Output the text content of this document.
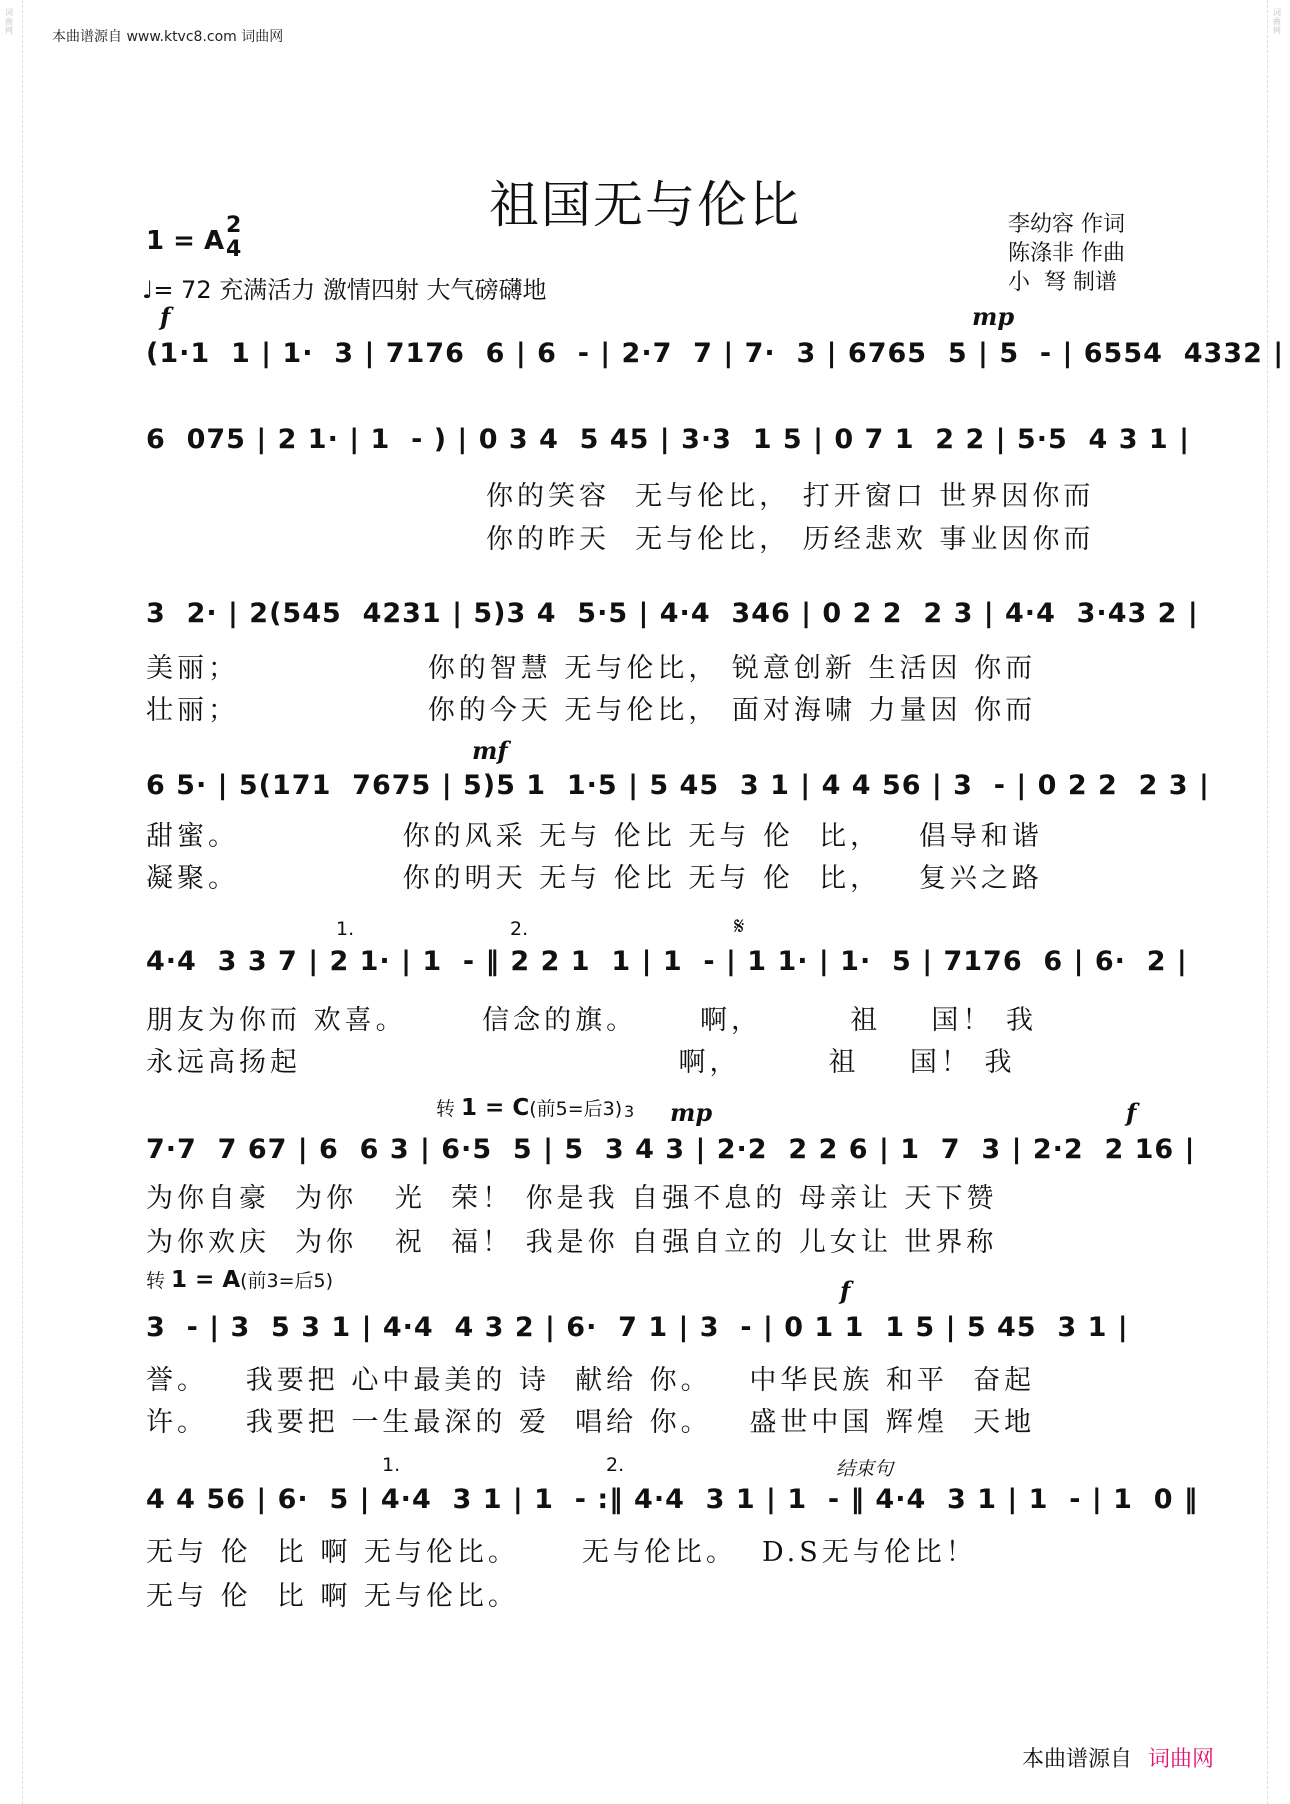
词曲网
词曲网
本曲谱源自 www.ktvc8.com 词曲网
祖国无与伦比	李幼容 作词
陈涤非 作曲
小  弩 制谱
1 = A
2
4
♩= 72 充满活力 激情四射 大气磅礴地
f	mp
(1·1  1 | 1·  3 | 7176  6 | 6  - | 2·7  7 | 7·  3 | 6765  5 | 5  - | 6554  4332 |
6  075 | 2 1· | 1  - ) | 0 3 4  5 45 | 3·3  1 5 | 0 7 1  2 2 | 5·5  4 3 1 |
你的笑容  无与伦比， 打开窗口 世界因你而
你的昨天  无与伦比， 历经悲欢 事业因你而
3  2· | 2(545  4231 | 5)3 4  5·5 | 4·4  346 | 0 2 2  2 3 | 4·4  3·43 2 |
美丽；               你的智慧 无与伦比， 锐意创新 生活因 你而
壮丽；               你的今天 无与伦比， 面对海啸 力量因 你而
mf
6 5· | 5(171  7675 | 5)5 1  1·5 | 5 45  3 1 | 4 4 56 | 3  - | 0 2 2  2 3 |
甜蜜。             你的风采 无与 伦比 无与 伦  比，   倡导和谐
凝聚。             你的明天 无与 伦比 无与 伦  比，   复兴之路
1.	2.	𝄋
4·4  3 3 7 | 2 1· | 1  - ‖ 2 2 1  1 | 1  - | 1 1· | 1·  5 | 7176  6 | 6·  2 |
朋友为你而 欢喜。      信念的旗。     啊，       祖    国！ 我
永远高扬起                              啊，       祖    国！ 我
转 1 = C(前5=后3) 3 mp	f
7·7  7 67 | 6  6 3 | 6·5  5 | 5  3 4 3 | 2·2  2 2 6 | 1  7  3 | 2·2  2 16 |
为你自豪  为你   光  荣！ 你是我 自强不息的 母亲让 天下赞
为你欢庆  为你   祝  福！ 我是你 自强自立的 儿女让 世界称
转 1 = A(前3=后5)	f
3  - | 3  5 3 1 | 4·4  4 3 2 | 6·  7 1 | 3  - | 0 1 1  1 5 | 5 45  3 1 |
誉。   我要把 心中最美的 诗  献给 你。   中华民族 和平  奋起
许。   我要把 一生最深的 爱  唱给 你。   盛世中国 辉煌  天地
1.	2.	结束句
4 4 56 | 6·  5 | 4·4  3 1 | 1  - :‖ 4·4  3 1 | 1  - ‖ 4·4  3 1 | 1  - | 1  0 ‖
无与 伦  比 啊 无与伦比。     无与伦比。  D.S无与伦比！
无与 伦  比 啊 无与伦比。
本曲谱源自 词曲网
